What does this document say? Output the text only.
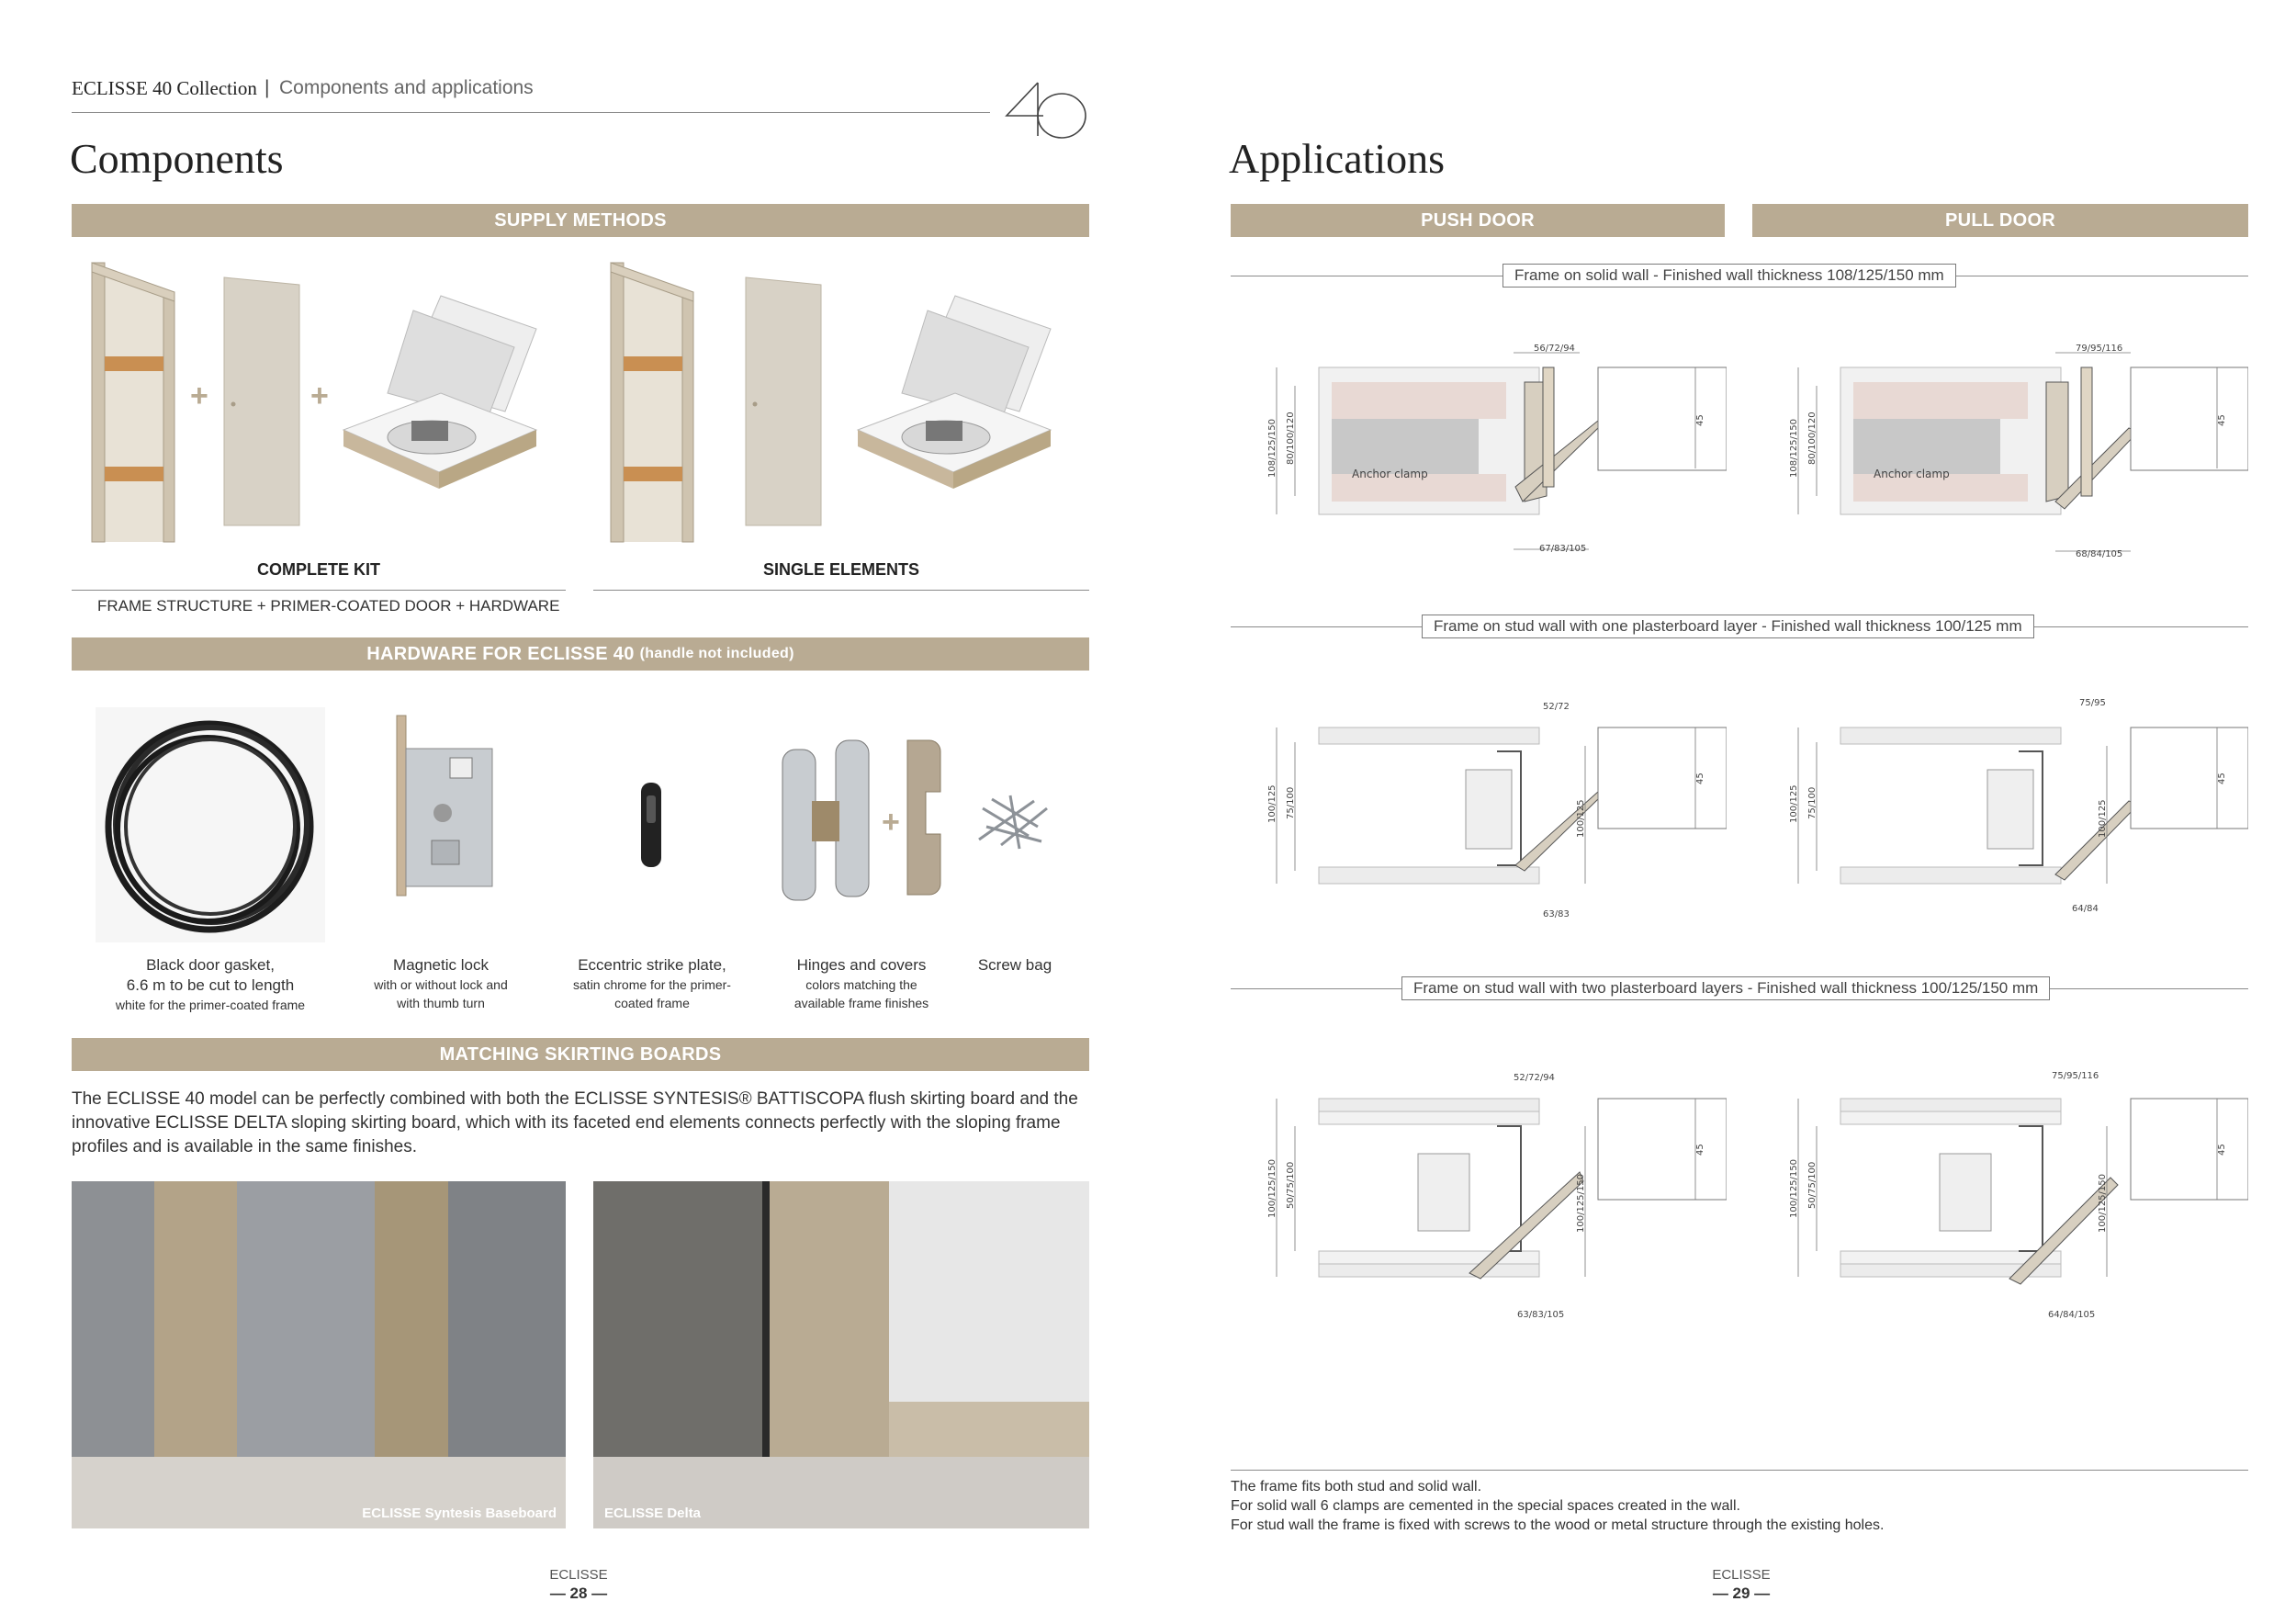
ECLISSE 40 Collection | Components and applications
Components
SUPPLY METHODS
+	+
COMPLETE KIT	SINGLE ELEMENTS
FRAME STRUCTURE + PRIMER-COATED DOOR + HARDWARE
HARDWARE FOR ECLISSE 40 (handle not included)
+
Black door gasket,
6.6 m to be cut to length
white for the primer-coated frame
Magnetic lock
with or without lock and with thumb turn
Eccentric strike plate,
satin chrome for the primer-coated frame
Hinges and covers
colors matching the available frame finishes
Screw bag
MATCHING SKIRTING BOARDS
The ECLISSE 40 model can be perfectly combined with both the ECLISSE SYNTESIS® BATTISCOPA flush skirting board and the innovative ECLISSE DELTA sloping skirting board, which with its faceted end elements connects perfectly with the sloping frame profiles and is available in the same finishes.
ECLISSE Syntesis Baseboard	ECLISSE Delta
ECLISSE
— 28 —
Applications
PUSH DOOR	PULL DOOR
Frame on solid wall - Finished wall thickness 108/125/150 mm
56/72/94
67/83/105
108/125/150 80/100/120	45
Anchor clamp
79/95/116
68/84/105
108/125/150 80/100/120	45
Anchor clamp
Frame on stud wall with one plasterboard layer - Finished wall thickness 100/125 mm
52/72
63/83
100/125 75/100	100/125
45
75/95
64/84
100/125 75/100	100/125
45
Frame on stud wall with two plasterboard layers - Finished wall thickness 100/125/150 mm
52/72/94
63/83/105
100/125/150 50/75/100	100/125/150
45
75/95/116
64/84/105
100/125/150 50/75/100	100/125/150
45
The frame fits both stud and solid wall.
For solid wall 6 clamps are cemented in the special spaces created in the wall.
For stud wall the frame is fixed with screws to the wood or metal structure through the existing holes.
ECLISSE
— 29 —
